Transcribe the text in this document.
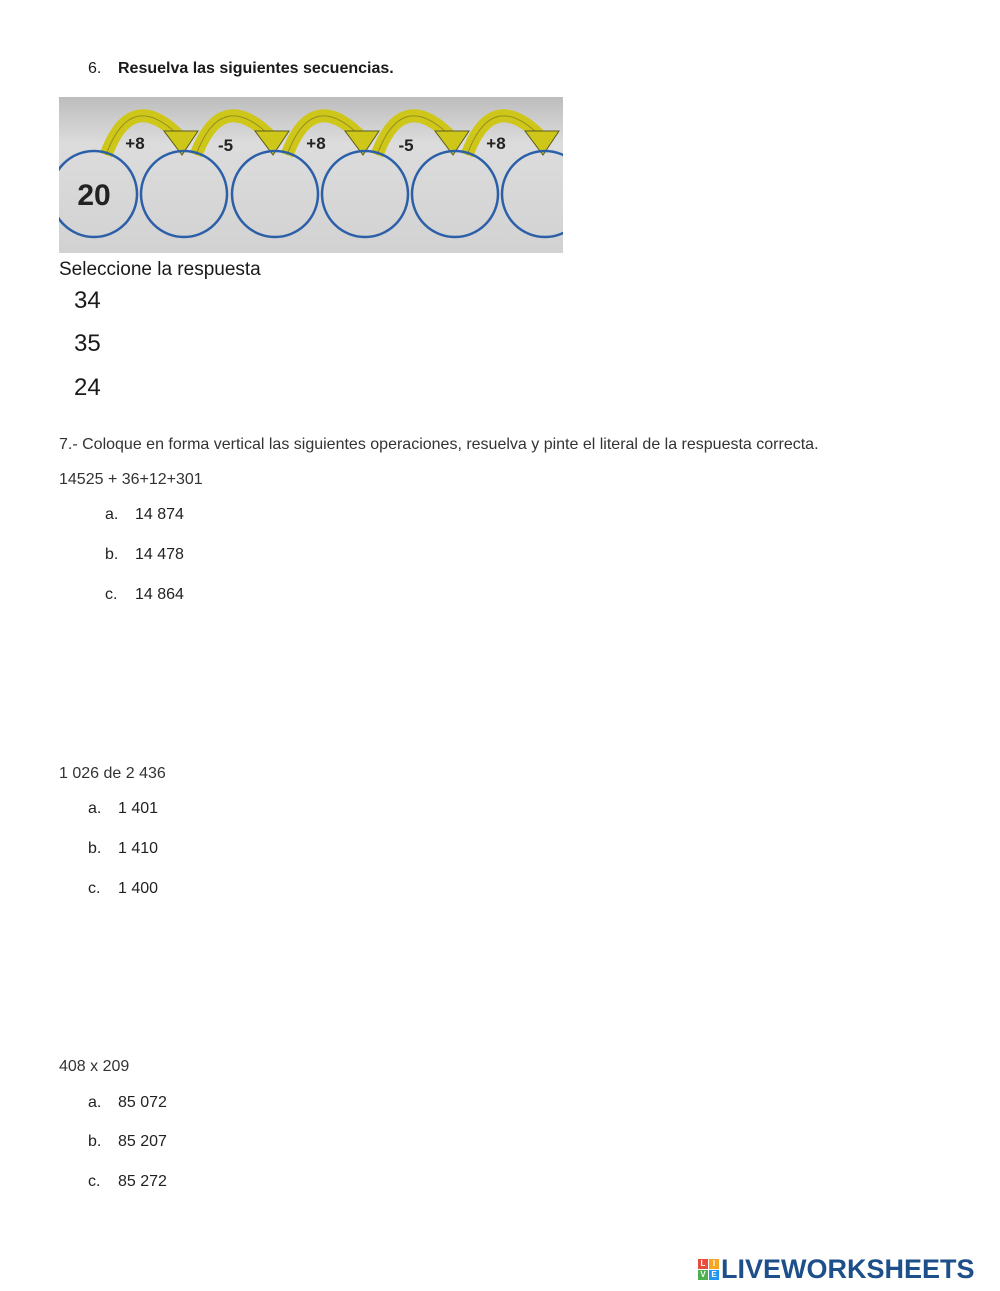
6. Resuelva las siguientes secuencias.
20
+8	-5	+8	-5	+8
Seleccione la respuesta
34
35
24
7.- Coloque en forma vertical las siguientes operaciones, resuelva y pinte el literal de la respuesta correcta.
14525 + 36+12+301
a. 14 874
b. 14 478
c. 14 864
1 026 de 2 436
a. 1 401
b. 1 410
c. 1 400
408 x 209
a. 85 072
b. 85 207
c. 85 272
L I
V E LIVEWORKSHEETS
